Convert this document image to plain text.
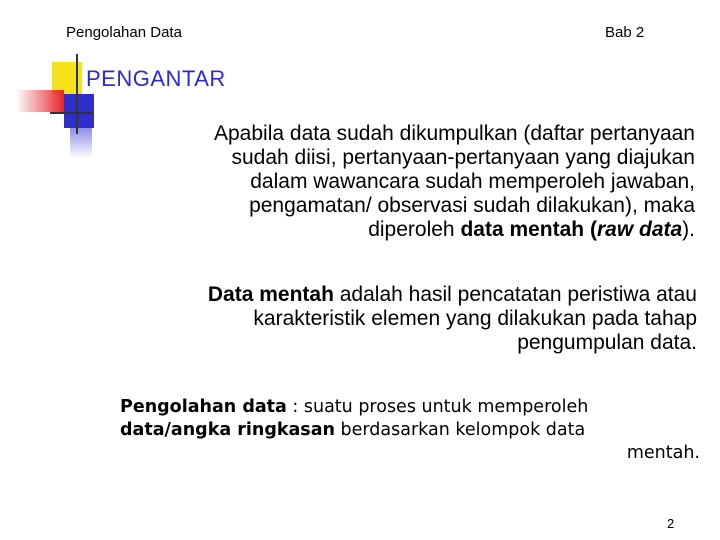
Pengolahan Data	Bab 2
PENGANTAR
Apabila data sudah dikumpulkan (daftar pertanyaan
sudah diisi, pertanyaan-pertanyaan yang diajukan
dalam wawancara sudah memperoleh jawaban,
pengamatan/ observasi sudah dilakukan), maka
diperoleh data mentah (raw data).
Data mentah adalah hasil pencatatan peristiwa atau
karakteristik elemen yang dilakukan pada tahap
pengumpulan data.
Pengolahan data : suatu proses untuk memperoleh
data/angka ringkasan berdasarkan kelompok data
mentah.
2
